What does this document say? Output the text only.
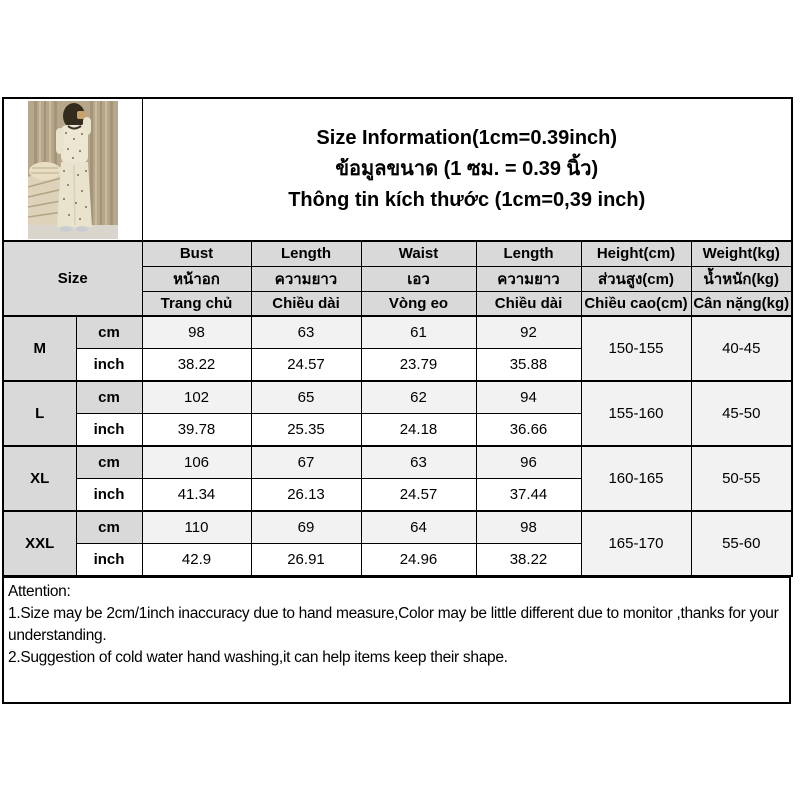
Size Information(1cm=0.39inch)
ข้อมูลขนาด (1 ซม. = 0.39 นิ้ว)
Thông tin kích thước (1cm=0,39 inch)					

Size		Bust	Length	Waist	Length	Height(cm)	Weight(kg)
		หน้าอก	ความยาว	เอว	ความยาว	ส่วนสูง(cm)	น้ำหนัก(kg)
		Trang chủ	Chiều dài	Vòng eo	Chiều dài	Chiều cao(cm)	Cân nặng(kg)
M	cm	98	63	61	92	150-155	40-45
	inch	38.22	24.57	23.79	35.88		
L	cm	102	65	62	94	155-160	45-50
	inch	39.78	25.35	24.18	36.66		
XL	cm	106	67	63	96	160-165	50-55
	inch	41.34	26.13	24.57	37.44		
XXL	cm	110	69	64	98	165-170	55-60
	inch	42.9	26.91	24.96	38.22		

Attention:

1.Size may be 2cm/1inch inaccuracy due to hand measure,Color may be little different due to monitor ,thanks for your understanding.

2.Suggestion of cold water hand washing,it can help items keep their shape.
